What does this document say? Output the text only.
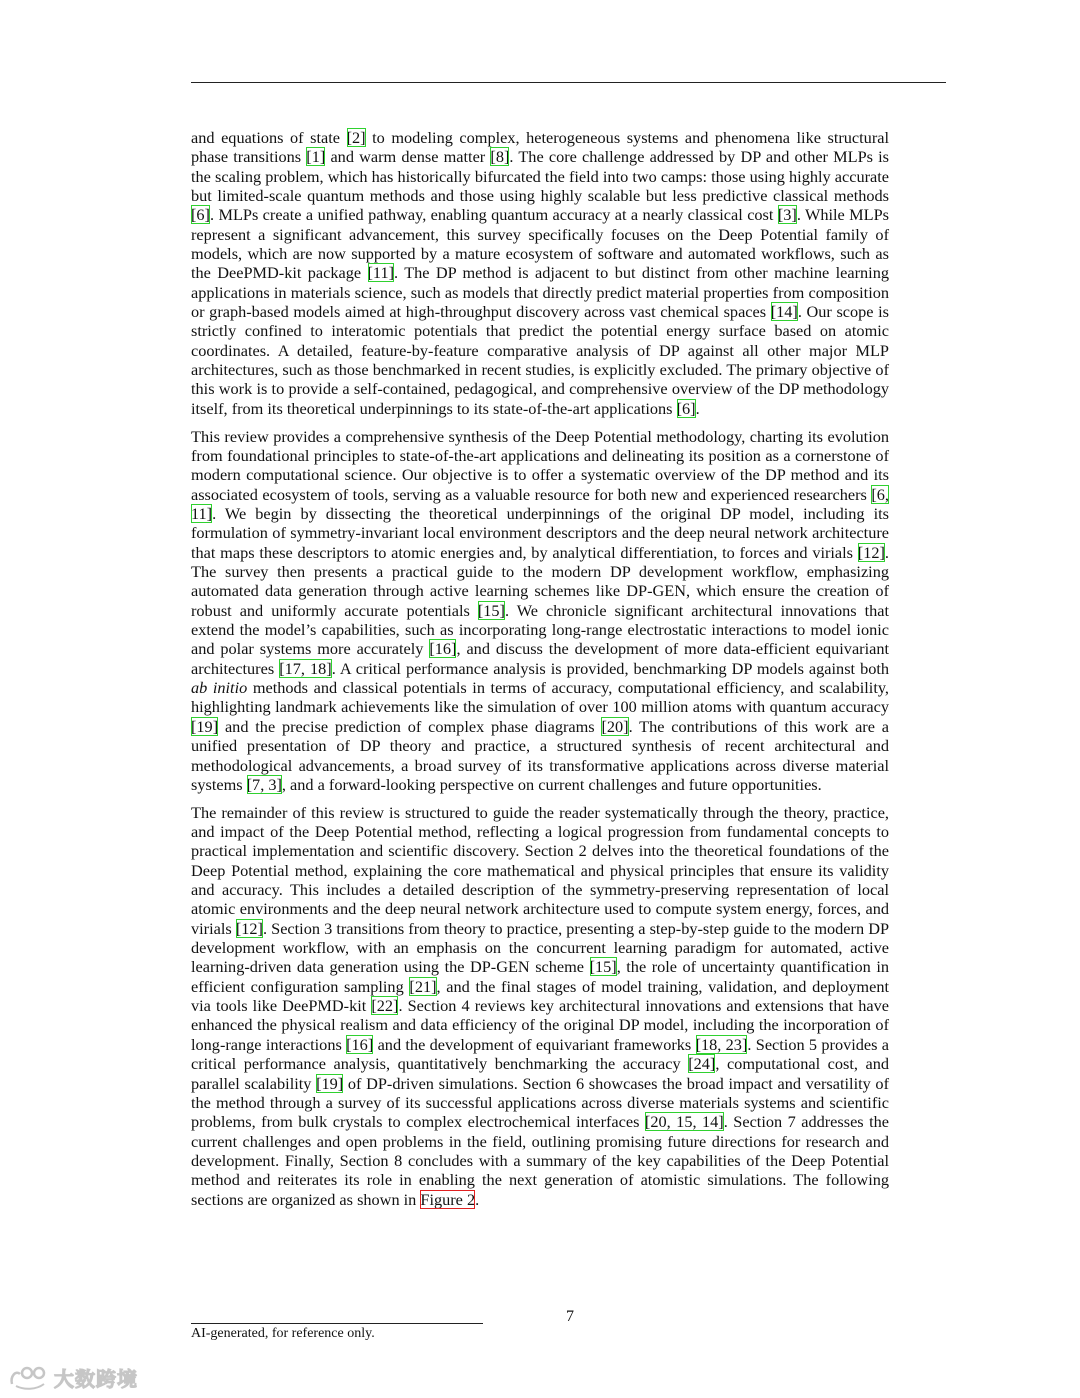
and equations of state [2] to modeling complex, heterogeneous systems and phenomena like structural phase transitions [1] and warm dense matter [8]. The core challenge addressed by DP and other MLPs is the scaling problem, which has historically bifurcated the field into two camps: those using highly accurate but limited-scale quantum methods and those using highly scalable but less predictive classical methods [6]. MLPs create a unified pathway, enabling quantum accuracy at a nearly classical cost [3]. While MLPs represent a significant advancement, this survey specifically focuses on the Deep Potential family of models, which are now supported by a mature ecosystem of software and automated workflows, such as the DeePMD-kit package [11]. The DP method is adjacent to but distinct from other machine learning applications in materials science, such as models that directly predict material properties from composition or graph-based models aimed at high-throughput discovery across vast chemical spaces [14]. Our scope is strictly confined to interatomic potentials that predict the potential energy surface based on atomic coordinates. A detailed, feature-by-feature comparative analysis of DP against all other major MLP architectures, such as those benchmarked in recent studies, is explicitly excluded. The primary objective of this work is to provide a self-contained, pedagogical, and comprehensive overview of the DP methodology itself, from its theoretical underpinnings to its state-of-the-art applications [6].

This review provides a comprehensive synthesis of the Deep Potential methodology, charting its evolution from foundational principles to state-of-the-art applications and delineating its position as a cornerstone of modern computational science. Our objective is to offer a systematic overview of the DP method and its associated ecosystem of tools, serving as a valuable resource for both new and experienced researchers [6, 11]. We begin by dissecting the theoretical underpinnings of the original DP model, including its formulation of symmetry-invariant local environment descriptors and the deep neural network architecture that maps these descriptors to atomic energies and, by analytical differentiation, to forces and virials [12]. The survey then presents a practical guide to the modern DP development workflow, emphasizing automated data generation through active learning schemes like DP-GEN, which ensure the creation of robust and uniformly accurate potentials [15]. We chronicle significant architectural innovations that extend the model’s capabilities, such as incorporating long-range electrostatic interactions to model ionic and polar systems more accurately [16], and discuss the development of more data-efficient equivariant architectures [17, 18]. A critical performance analysis is provided, benchmarking DP models against both ab initio methods and classical potentials in terms of accuracy, computational efficiency, and scalability, highlighting landmark achievements like the simulation of over 100 million atoms with quantum accuracy [19] and the precise prediction of complex phase diagrams [20]. The contributions of this work are a unified presentation of DP theory and practice, a structured synthesis of recent architectural and methodological advancements, a broad survey of its transformative applications across diverse material systems [7, 3], and a forward-looking perspective on current challenges and future opportunities.

The remainder of this review is structured to guide the reader systematically through the theory, practice, and impact of the Deep Potential method, reflecting a logical progression from fundamental concepts to practical implementation and scientific discovery. Section 2 delves into the theoretical foundations of the Deep Potential method, explaining the core mathematical and physical principles that ensure its validity and accuracy. This includes a detailed description of the symmetry-preserving representation of local atomic environments and the deep neural network architecture used to compute system energy, forces, and virials [12]. Section 3 transitions from theory to practice, presenting a step-by-step guide to the modern DP development workflow, with an emphasis on the concurrent learning paradigm for automated, active learning-driven data generation using the DP-GEN scheme [15], the role of uncertainty quantification in efficient configuration sampling [21], and the final stages of model training, validation, and deployment via tools like DeePMD-kit [22]. Section 4 reviews key architectural innovations and extensions that have enhanced the physical realism and data efficiency of the original DP model, including the incorporation of long-range interactions [16] and the development of equivariant frameworks [18, 23]. Section 5 provides a critical performance analysis, quantitatively benchmarking the accuracy [24], computational cost, and parallel scalability [19] of DP-driven simulations. Section 6 showcases the broad impact and versatility of the method through a survey of its successful applications across diverse materials systems and scientific problems, from bulk crystals to complex electrochemical interfaces [20, 15, 14]. Section 7 addresses the current challenges and open problems in the field, outlining promising future directions for research and development. Finally, Section 8 concludes with a summary of the key capabilities of the Deep Potential method and reiterates its role in enabling the next generation of atomistic simulations. The following sections are organized as shown in Figure 2.

7
AI-generated, for reference only.
大数跨境
